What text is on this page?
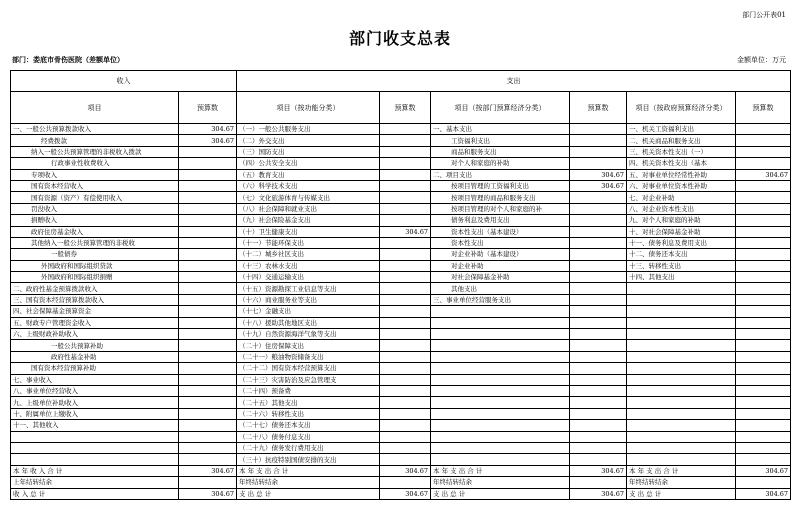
部门公开表01
部门收支总表
部门：娄底市骨伤医院（差额单位）	金额单位：万元
收入		支出					
项目	预算数	项目（按功能分类）	预算数	项目（按部门预算经济分类）	预算数	项目（按政府预算经济分类）	预算数
一、一般公共预算拨款收入	304.67	（一）一般公共服务支出		一、基本支出		一、机关工资福利支出	
经费拨款	304.67	（二）外交支出		工资福利支出		二、机关商品和服务支出	
纳入一般公共预算管理的非税收入拨款		（三）国防支出		商品和服务支出		三、机关资本性支出（一）	
行政事业性收费收入		（四）公共安全支出		对个人和家庭的补助		四、机关资本性支出（基本	
专项收入		（五）教育支出		二、项目支出	304.67	五、对事业单位经常性补助	304.67
国有资本经营收入		（六）科学技术支出		按项目管理的工资福利支出	304.67	六、对事业单位资本性补助	
国有资源（资产）有偿使用收入		（七）文化旅游体育与传媒支出		按项目管理的商品和服务支出		七、对企业补助	
罚没收入		（八）社会保障和就业支出		按项目管理的对个人和家庭的补		八、对企业资本性支出	
捐赠收入		（九）社会保险基金支出		债务利息及费用支出		九、对个人和家庭的补助	
政府住房基金收入		（十）卫生健康支出	304.67	资本性支出（基本建设）		十、对社会保障基金补助	
其他纳入一般公共预算管理的非税收		（十一）节能环保支出		资本性支出		十一、债务利息及费用支出	
一般债券		（十二）城乡社区支出		对企业补助（基本建设）		十二、债务还本支出	
外国政府和国际组织贷款		（十三）农林水支出		对企业补助		十三、转移性支出	
外国政府和国际组织捐赠		（十四）交通运输支出		对社会保障基金补助		十四、其他支出	
二、政府性基金预算拨款收入		（十五）资源勘探工业信息等支出		其他支出			
三、国有资本经营预算拨款收入		（十六）商业服务业等支出		三、事业单位经营服务支出			
四、社会保障基金预算资金		（十七）金融支出					
五、财政专户管理资金收入		（十八）援助其他地区支出					
六、上级财政补助收入		（十九）自然资源海洋气象等支出					
一般公共预算补助		（二十）住房保障支出					
政府性基金补助		（二十一）粮油物资储备支出					
国有资本经营预算补助		（二十二）国有资本经营预算支出					
七、事业收入		（二十三）灾害防治及应急管理支					
八、事业单位经营收入		（二十四）预备费					
九、上级单位补助收入		（二十五）其他支出					
十、附属单位上缴收入		（二十六）转移性支出					
十一、其他收入		（二十七）债务还本支出					
		（二十八）债务付息支出					
		（二十九）债务发行费用支出					
		（三十）抗疫特别国债安排的支出					
本 年 收 入 合 计	304.67	本 年 支 出 合 计	304.67	本 年 支 出 合 计	304.67	本 年 支 出 合 计	304.67
上年结转结余		年终结转结余		年终结转结余		年终结转结余	
收 入 总 计	304.67	支 出 总 计	304.67	支 出 总 计	304.67	支 出 总 计	304.67
